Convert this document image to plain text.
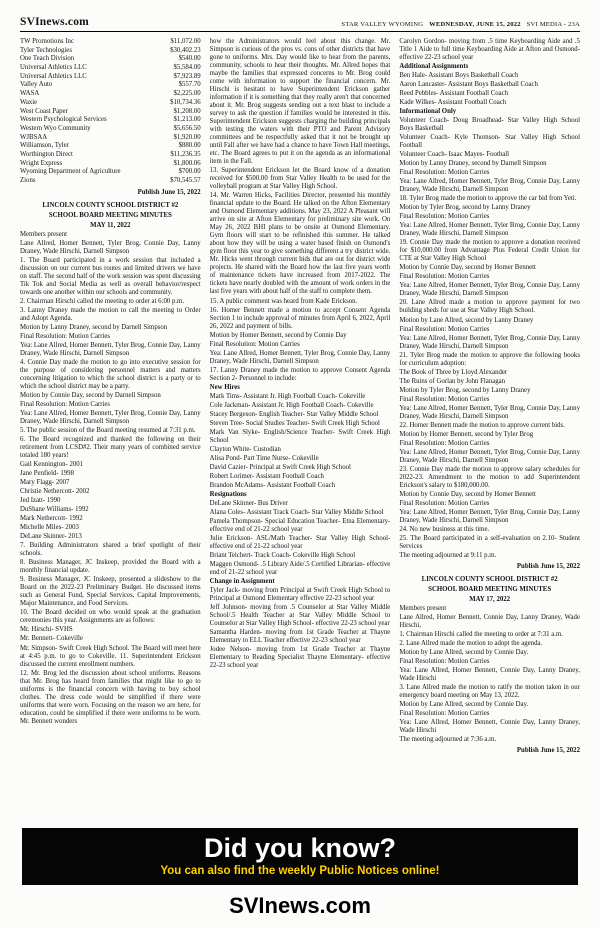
SVInews.com	STAR VALLEY WYOMING WEDNESDAY, JUNE 15, 2022 SVI MEDIA - 23A
TW Promotions Inc	$11,072.00
Tyler Technologies	$30,402.23
One Teach Division	$540.00
Universal Athletics LLC	$5,584.00
Universal Athletics LLC	$7,923.89
Valley Auto	$557.70
WASA	$2,225.00
Waxie	$10,734.36
West Coast Paper	$1,208.00
Western Psychological Services	$1,213.00
Western Wyo Community	$5,656.50
WJBSAA	$1,920.00
Williamson, Tyler	$880.00
Worthington Direct	$11,236.35
Wright Express	$1,800.06
Wyoming Department of Agriculture	$700.00
Zions	$70,545.57

Publish June 15, 2022

LINCOLN COUNTY SCHOOL DISTRICT #2

SCHOOL BOARD MEETING MINUTES

MAY 11, 2022

Members present

Lane Allred, Homer Bennett, Tyler Brog, Connie Day, Lanny Draney, Wade Hirschi, Darnell Simpson

1. The Board participated in a work session that included a discussion on our current bus routes and limited drivers we have on staff. The second half of the work session was spent discussing Tik Tok and Social Media as well as overall behavior/respect towards one another within our schools and community.

2. Chairman Hirschi called the meeting to order at 6:00 p.m.

3. Lanny Draney made the motion to call the meeting to Order and Adopt Agenda.

Motion by Lanny Draney, second by Darnell Simpson

Final Resolution: Motion Carries

Yea: Lane Allred, Homer Bennett, Tyler Brog, Connie Day, Lanny Draney, Wade Hirschi, Darnell Simpson

4. Connie Day made the motion to go into executive session for the purpose of considering personnel matters and matters concerning litigation to which the school district is a party or to which the school district may be a party.

Motion by Connie Day, second by Darnell Simpson

Final Resolution: Motion Carries

Yea: Lane Allred, Homer Bennett, Tyler Brog, Connie Day, Lanny Draney, Wade Hirschi, Darnell Simpson

5. The public session of the Board meeting resumed at 7:31 p.m.

6. The Board recognized and thanked the following on their retirement from LCSD#2. Their many years of combined service totaled 180 years!

Gail Kennington- 2001

Jane Penfield- 1998

Mary Flagg- 2007

Christie Nethercott- 2002

Jed Izatt- 1990

DuShane Williams- 1992

Mark Nethercott- 1992

Michelle Miles- 2003

DeLane Skinner- 2013

7. Building Administrators shared a brief spotlight of their schools.

8. Business Manager, JC Inskeep, provided the Board with a monthly financial update.

9. Business Manager, JC Inskeep, presented a slideshow to the Board on the 2022-23 Preliminary Budget. He discussed items such as General Fund, Special Services, Capital Improvements, Major Maintenance, and Food Services.

10. The Board decided on who would speak at the graduation ceremonies this year. Assignments are as follows:

Mr. Hirschi- SVHS

Mr. Bennett- Cokeville

Mr. Simpson- Swift Creek High School. The Board will meet here at 4:45 p.m. to go to Cokeville. 11. Superintendent Erickson discussed the current enrollment numbers.

12. Mr. Brog led the discussion about school uniforms. Reasons that Mr. Brog has heard from families that might like to go to uniforms is the financial concern with having to buy school clothes. The dress code would be simplified if there were uniforms that were worn. Focusing on the reason we are here, for education, could be simplified if there were uniforms to be worn. Mr. Bennett wonders

how the Administrators would feel about this change. Mr. Simpson is curious of the pros vs. cons of other districts that have gone to uniforms. Mrs. Day would like to hear from the parents, community, schools to hear their thoughts. Mr. Allred hopes that maybe the families that expressed concerns to Mr. Brog could come with information to support the financial concern. Mr. Hirschi is hesitant to have Superintendent Erickson gather information if it is something that they really aren't that concerned about it. Mr. Brog suggests sending out a text blast to include a survey to ask the question if families would be interested in this. Superintendent Erickson suggests charging the building principals with testing the waters with their PTO and Parent Advisory committees and be respectfully asked that it not be brought up until Fall after we have had a chance to have Town Hall meetings, etc. The Board agrees to put it on the agenda as an informational item in the Fall.

13. Superintendent Erickson let the Board know of a donation received for $500.00 from Star Valley Health to be used for the volleyball program at Star Valley High School.

14. Mr. Warren Hicks, Facilities Director, presented his monthly financial update to the Board. He talked on the Afton Elementary and Osmond Elementary additions. May 23, 2022 A Pleasant will arrive on site at Afton Elementary for preliminary site work. On May 26, 2022 BHI plans to be onsite at Osmond Elementary. Gym floors will start to be refinished this summer. He talked about how they will be using a water based finish on Osmond's gym floor this year to give something different a try district wide. Mr. Hicks went through current bids that are out for district wide projects. He shared with the Board how the last five years worth of maintenance tickets have increased from 2017-2022. The tickets have nearly doubled with the amount of work orders in the last five years with about half of the staff to complete them.

15. A public comment was heard from Kade Erickson.

16. Homer Bennett made a motion to accept Consent Agenda Section 1 to include approval of minutes from April 6, 2022, April 26, 2022 and payment of bills.

Motion by Homer Bennett, second by Connie Day

Final Resolution: Motion Carries

Yea: Lane Allred, Homer Bennett, Tyler Brog, Connie Day, Lanny Draney, Wade Hirschi, Darnell Simpson

17. Lanny Draney made the motion to approve Consent Agenda Section 2- Personnel to include:

New Hires

Mark Tims- Assistant Jr. High Football Coach- Cokeville

Cole Jackman- Assistant Jr. High Football Coach- Cokeville

Stacey Bergeson- English Teacher- Star Valley Middle School

Steven Tree- Social Studies Teacher- Swift Creek High School

Mark Van Slyke- English/Science Teacher- Swift Creek High School

Clayton White- Custodian

Alisa Pond- Part Time Nurse- Cokeville

David Cazier- Principal at Swift Creek High School

Robert Lorimer- Assistant Football Coach

Brandon McAdams- Assistant Football Coach

Resignations

DeLane Skinner- Bus Driver

Alana Coles- Assistant Track Coach- Star Valley Middle School

Pamela Thompson- Special Education Teacher- Etna Elementary- effective end of 21-22 school year

Julie Erickson- ASL/Math Teacher- Star Valley High School- effective end of 21-22 school year

Briant Teichert- Track Coach- Cokeville High School

Maggen Osmond- .5 Library Aide/.5 Certified Librarian- effective end of 21-22 school year

Change in Assignment

Tyler Jack- moving from Principal at Swift Creek High School to Principal at Osmond Elementary effective 22-23 school year

Jeff Johnson- moving from .5 Counselor at Star Valley Middle School/.5 Health Teacher at Star Valley Middle School to Counselor at Star Valley High School- effective 22-23 school year

Samantha Harden- moving from 1st Grade Teacher at Thayne Elementary to ELL Teacher effective 22-23 school year

Jodee Nelson- moving from 1st Grade Teacher at Thayne Elementary to Reading Specialist Thayne Elementary- effective 22-23 school year

Carolyn Gordon- moving from .5 time Keyboarding Aide and .5 Title 1 Aide to full time Keyboarding Aide at Afton and Osmond- effective 22-23 school year

Additional Assignments

Ben Hale- Assistant Boys Basketball Coach

Aaron Lancaster- Assistant Boys Basketball Coach

Reed Pebbles- Assistant Football Coach

Kade Wilkes- Assistant Football Coach

Informational Only

Volunteer Coach- Doug Broadhead- Star Valley High School Boys Basketball

Volunteer Coach- Kyle Thomson- Star Valley High School Football

Volunteer Coach- Isaac Mayes- Football

Motion by Lanny Draney, second by Darnell Simpson

Final Resolution: Motion Carries

Yea: Lane Allred, Homer Bennett, Tyler Brog, Connie Day, Lanny Draney, Wade Hirschi, Darnell Simpson

18. Tyler Brog made the motion to approve the car bid from Yeti.

Motion by Tyler Brog, second by Lanny Draney

Final Resolution: Motion Carries

Yea: Lane Allred, Homer Bennett, Tyler Brog, Connie Day, Lanny Draney, Wade Hirschi, Darnell Simpson

19. Connie Day made the motion to approve a donation received for $10,000.00 from Advantage Plus Federal Credit Union for CTE at Star Valley High School

Motion by Connie Day, second by Homer Bennett

Final Resolution: Motion Carries

Yea: Lane Allred, Homer Bennett, Tyler Brog, Connie Day, Lanny Draney, Wade Hirschi, Darnell Simpson

20. Lane Allred made a motion to approve payment for two building sheds for use at Star Valley High School.

Motion by Lane Allred, second by Lanny Draney

Final Resolution: Motion Carries

Yea: Lane Allred, Homer Bennett, Tyler Brog, Connie Day, Lanny Draney, Wade Hirschi, Darnell Simpson

21. Tyler Brog made the motion to approve the following books for curriculum adoption:

The Book of Three by Lloyd Alexander

The Ruins of Gorlan by John Flanagan

Motion by Tyler Brog, second by Lanny Draney

Final Resolution: Motion Carries

Yea: Lane Allred, Homer Bennett, Tyler Brog, Connie Day, Lanny Draney, Wade Hirschi, Darnell Simpson

22. Homer Bennett made the motion to approve current bids.

Motion by Homer Bennett, second by Tyler Brog

Final Resolution: Motion Carries

Yea: Lane Allred, Homer Bennett, Tyler Brog, Connie Day, Lanny Draney, Wade Hirschi, Darnell Simpson

23. Connie Day made the motion to approve salary schedules for 2022-23. Amendment to the motion to add Superintendent Erickson's salary to $180,000.00.

Motion by Connie Day, second by Homer Bennett

Final Resolution: Motion Carries

Yea: Lane Allred, Homer Bennett, Tyler Brog, Connie Day, Lanny Draney, Wade Hirschi, Darnell Simpson

24. No new business at this time.

25. The Board participated in a self-evaluation on 2.10- Student Services

The meeting adjourned at 9:11 p.m.

Publish June 15, 2022

LINCOLN COUNTY SCHOOL DISTRICT #2

SCHOOL BOARD MEETING MINUTES

MAY 17, 2022

Members present

Lane Allred, Homer Bennett, Connie Day, Lanny Draney, Wade Hirschi,

1. Chairman Hirschi called the meeting to order at 7:31 a.m.

2. Lane Allred made the motion to adopt the agenda.

Motion by Lane Allred, second by Connie Day.

Final Resolution: Motion Carries

Yea: Lane Allred, Homer Bennett, Connie Day, Lanny Draney, Wade Hirschi

3. Lane Allred made the motion to ratify the motion taken in our emergency board meeting on May 13, 2022.

Motion by Lane Allred, second by Connie Day.

Final Resolution: Motion Carries

Yea: Lane Allred, Homer Bennett, Connie Day, Lanny Draney, Wade Hirschi

The meeting adjourned at 7:36 a.m.

Publish June 15, 2022

Did you know?
You can also find the weekly Public Notices online!
SVInews.com
